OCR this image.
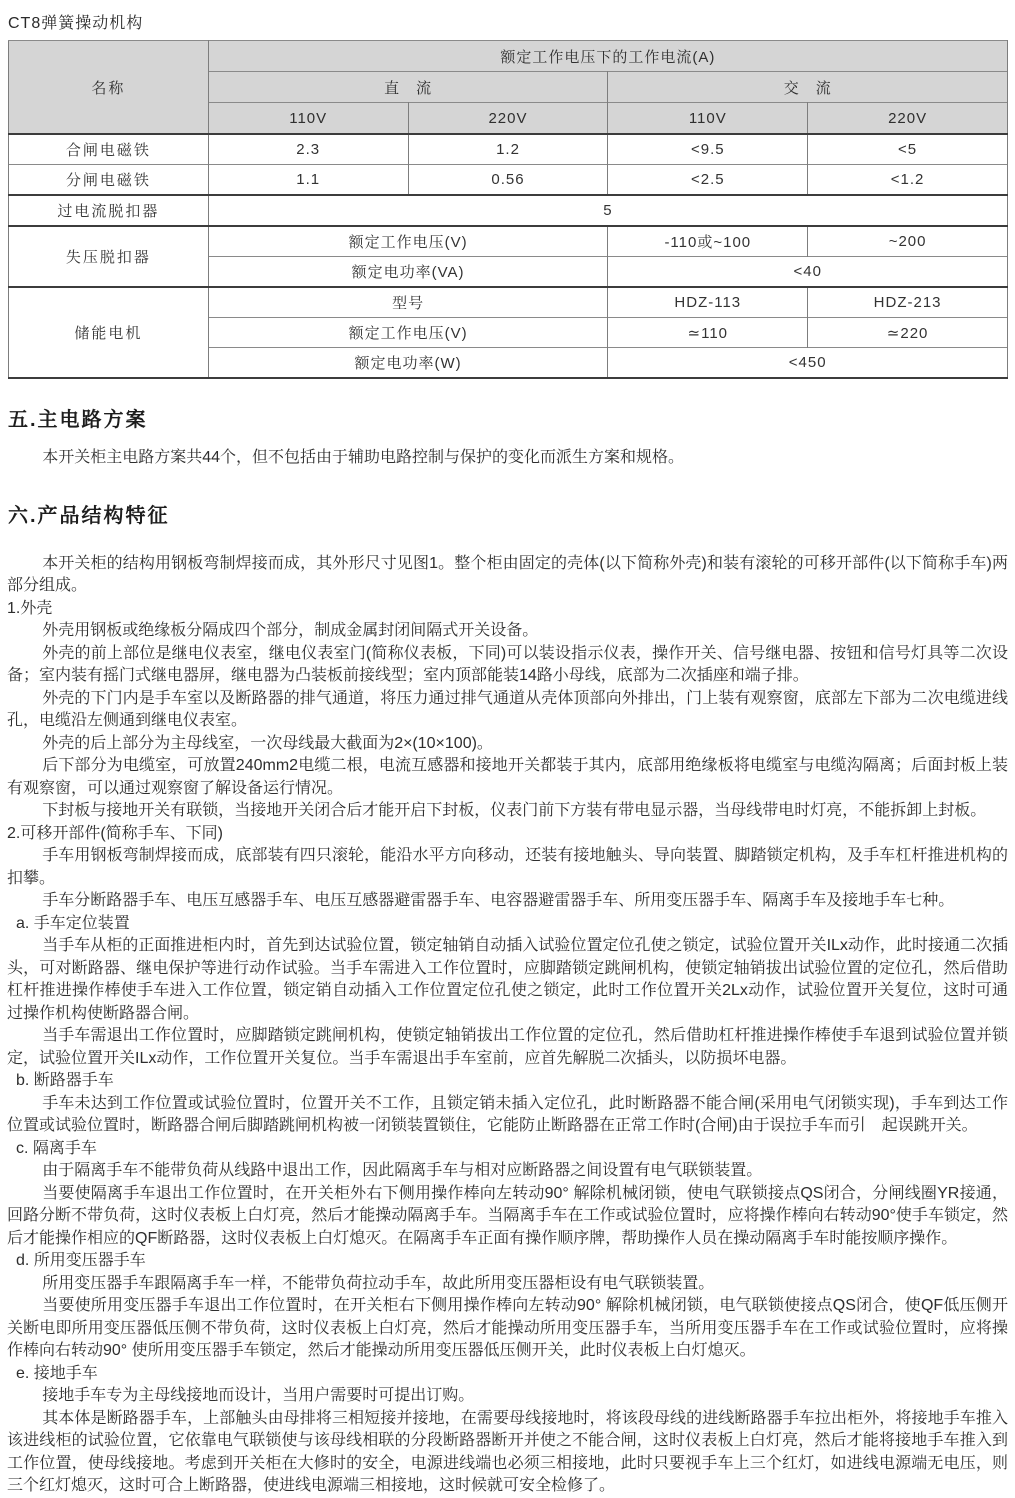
CT8弹簧操动机构
名称	额定工作电压下的工作电流(A)			
	直　流		交　流	
	110V	220V	110V	220V
合闸电磁铁	2.3	1.2	<9.5	<5
分闸电磁铁	1.1	0.56	<2.5	<1.2
过电流脱扣器	5			
失压脱扣器	额定工作电压(V)		-110或~100	~200
	额定电功率(VA)		<40	
储能电机	型号		HDZ-113	HDZ-213
	额定工作电压(V)		≃110	≃220
	额定电功率(W)		<450	
五.主电路方案

本开关柜主电路方案共44个，但不包括由于辅助电路控制与保护的变化而派生方案和规格。

六.产品结构特征

本开关柜的结构用钢板弯制焊接而成，其外形尺寸见图1。整个柜由固定的壳体(以下简称外壳)和装有滚轮的可移开部件(以下简称手车)两部分组成。

1.外壳

外壳用钢板或绝缘板分隔成四个部分，制成金属封闭间隔式开关设备。

外壳的前上部位是继电仪表室，继电仪表室门(简称仪表板，下同)可以装设指示仪表，操作开关、信号继电器、按钮和信号灯具等二次设备；室内装有摇门式继电器屏，继电器为凸装板前接线型；室内顶部能装14路小母线，底部为二次插座和端子排。

外壳的下门内是手车室以及断路器的排气通道，将压力通过排气通道从壳体顶部向外排出，门上装有观察窗，底部左下部为二次电缆进线孔，电缆沿左侧通到继电仪表室。

外壳的后上部分为主母线室，一次母线最大截面为2×(10×100)。

后下部分为电缆室，可放置240mm2电缆二根，电流互感器和接地开关都装于其内，底部用绝缘板将电缆室与电缆沟隔离；后面封板上装有观察窗，可以通过观察窗了解设备运行情况。

下封板与接地开关有联锁，当接地开关闭合后才能开启下封板，仪表门前下方装有带电显示器，当母线带电时灯亮，不能拆卸上封板。

2.可移开部件(简称手车、下同)

手车用钢板弯制焊接而成，底部装有四只滚轮，能沿水平方向移动，还装有接地触头、导向装置、脚踏锁定机构，及手车杠杆推进机构的扣攀。

手车分断路器手车、电压互感器手车、电压互感器避雷器手车、电容器避雷器手车、所用变压器手车、隔离手车及接地手车七种。

a. 手车定位装置

当手车从柜的正面推进柜内时，首先到达试验位置，锁定轴销自动插入试验位置定位孔使之锁定，试验位置开关ILx动作，此时接通二次插头，可对断路器、继电保护等进行动作试验。当手车需进入工作位置时，应脚踏锁定跳闸机构，使锁定轴销拔出试验位置的定位孔，然后借助杠杆推进操作棒使手车进入工作位置，锁定销自动插入工作位置定位孔使之锁定，此时工作位置开关2Lx动作，试验位置开关复位，这时可通过操作机构使断路器合闸。

当手车需退出工作位置时，应脚踏锁定跳闸机构，使锁定轴销拔出工作位置的定位孔，然后借助杠杆推进操作棒使手车退到试验位置并锁定，试验位置开关ILx动作，工作位置开关复位。当手车需退出手车室前，应首先解脱二次插头，以防损坏电器。

b. 断路器手车

手车未达到工作位置或试验位置时，位置开关不工作，且锁定销未插入定位孔，此时断路器不能合闸(采用电气闭锁实现)，手车到达工作位置或试验位置时，断路器合闸后脚踏跳闸机构被一闭锁装置锁住，它能防止断路器在正常工作时(合闸)由于误拉手车而引　起误跳开关。

c. 隔离手车

由于隔离手车不能带负荷从线路中退出工作，因此隔离手车与相对应断路器之间设置有电气联锁装置。

当要使隔离手车退出工作位置时，在开关柜外右下侧用操作棒向左转动90° 解除机械闭锁，使电气联锁接点QS闭合，分闸线圈YR接通，回路分断不带负荷，这时仪表板上白灯亮，然后才能操动隔离手车。当隔离手车在工作或试验位置时，应将操作棒向右转动90°使手车锁定，然后才能操作相应的QF断路器，这时仪表板上白灯熄灭。在隔离手车正面有操作顺序牌，帮助操作人员在操动隔离手车时能按顺序操作。

d. 所用变压器手车

所用变压器手车跟隔离手车一样，不能带负荷拉动手车，故此所用变压器柜设有电气联锁装置。

当要使所用变压器手车退出工作位置时，在开关柜右下侧用操作棒向左转动90° 解除机械闭锁，电气联锁使接点QS闭合，使QF低压侧开关断电即所用变压器低压侧不带负荷，这时仪表板上白灯亮，然后才能操动所用变压器手车，当所用变压器手车在工作或试验位置时，应将操作棒向右转动90° 使所用变压器手车锁定，然后才能操动所用变压器低压侧开关，此时仪表板上白灯熄灭。

e. 接地手车

接地手车专为主母线接地而设计，当用户需要时可提出订购。

其本体是断路器手车，上部触头由母排将三相短接并接地，在需要母线接地时，将该段母线的进线断路器手车拉出柜外，将接地手车推入该进线柜的试验位置，它依靠电气联锁使与该母线相联的分段断路器断开并使之不能合闸，这时仪表板上白灯亮，然后才能将接地手车推入到工作位置，使母线接地。考虑到开关柜在大修时的安全，电源进线端也必须三相接地，此时只要视手车上三个红灯，如进线电源端无电压，则三个红灯熄灭，这时可合上断路器，使进线电源端三相接地，这时候就可安全检修了。
